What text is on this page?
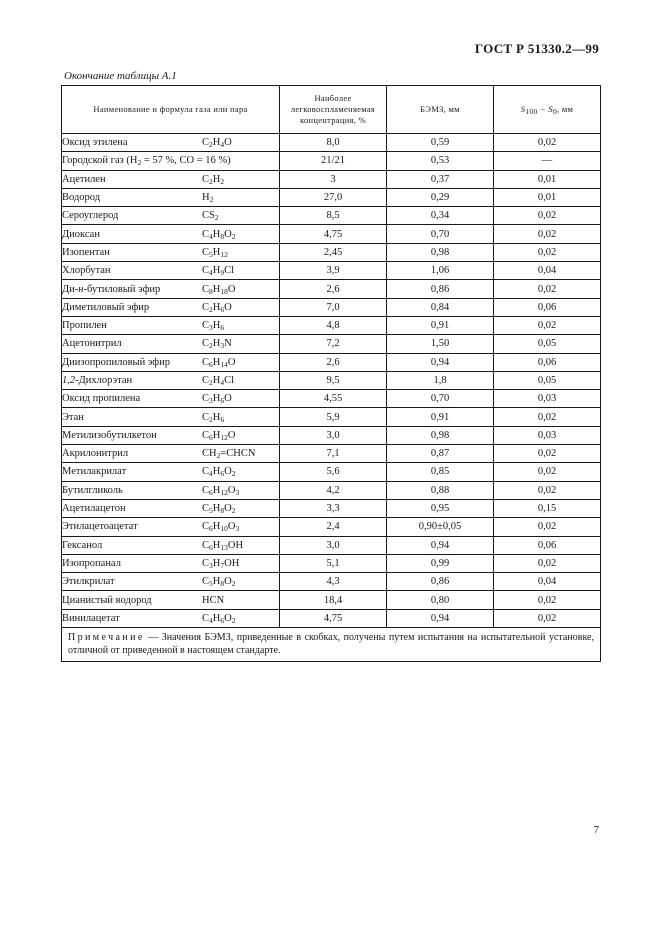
ГОСТ Р 51330.2—99
Окончание таблицы А.1
Наименование и формула газа или пара	Наиболее легковоспламеняемая концентрация, %	БЭМЗ, мм	$S_{100} - S_0$, мм
Оксид этилена $C_2H_4O$	8,0	0,59	0,02
Городской газ ($H_2 = 57$ %, CO = 16 %)	21/21	0,53	—
Ацетилен $C_2H_2$	3	0,37	0,01
Водород $H_2$	27,0	0,29	0,01
Сероуглерод $CS_2$	8,5	0,34	0,02
Диоксан $C_4H_8O_2$	4,75	0,70	0,02
Изопентан $C_5H_{12}$	2,45	0,98	0,02
Хлорбутан $C_4H_9Cl$	3,9	1,06	0,04
Ди-н-бутиловый эфир $C_8H_{18}O$	2,6	0,86	0,02
Диметиловый эфир $C_2H_6O$	7,0	0,84	0,06
Пропилен $C_3H_6$	4,8	0,91	0,02
Ацетонитрил $C_2H_3N$	7,2	1,50	0,05
Диизопропиловый эфир $C_6H_{14}O$	2,6	0,94	0,06
1,2-Дихлорэтан $C_2H_4Cl$	9,5	1,8	0,05
Оксид пропилена $C_3H_6O$	4,55	0,70	0,03
Этан $C_2H_6$	5,9	0,91	0,02
Метилизобутилкетон $C_6H_{12}O$	3,0	0,98	0,03
Акрилонитрил $CH_2=CHCN$	7,1	0,87	0,02
Метилакрилат $C_4H_6O_2$	5,6	0,85	0,02
Бутилгликоль $C_6H_{12}O_3$	4,2	0,88	0,02
Ацетилацетон $C_5H_8O_2$	3,3	0,95	0,15
Этилацетоацетат $C_6H_{10}O_3$	2,4	0,90±0,05	0,02
Гексанол $C_6H_{13}OH$	3,0	0,94	0,06
Изопропанал $C_3H_7OH$	5,1	0,99	0,02
Этилкрилат $C_5H_8O_2$	4,3	0,86	0,04
Цианистый водород HCN	18,4	0,80	0,02
Винилацетат $C_4H_6O_2$	4,75	0,94	0,02
Примечание — Значения БЭМЗ, приведенные в скобках, получены путем испытания на испытательной установке, отличной от приведенной в настоящем стандарте.			
7
